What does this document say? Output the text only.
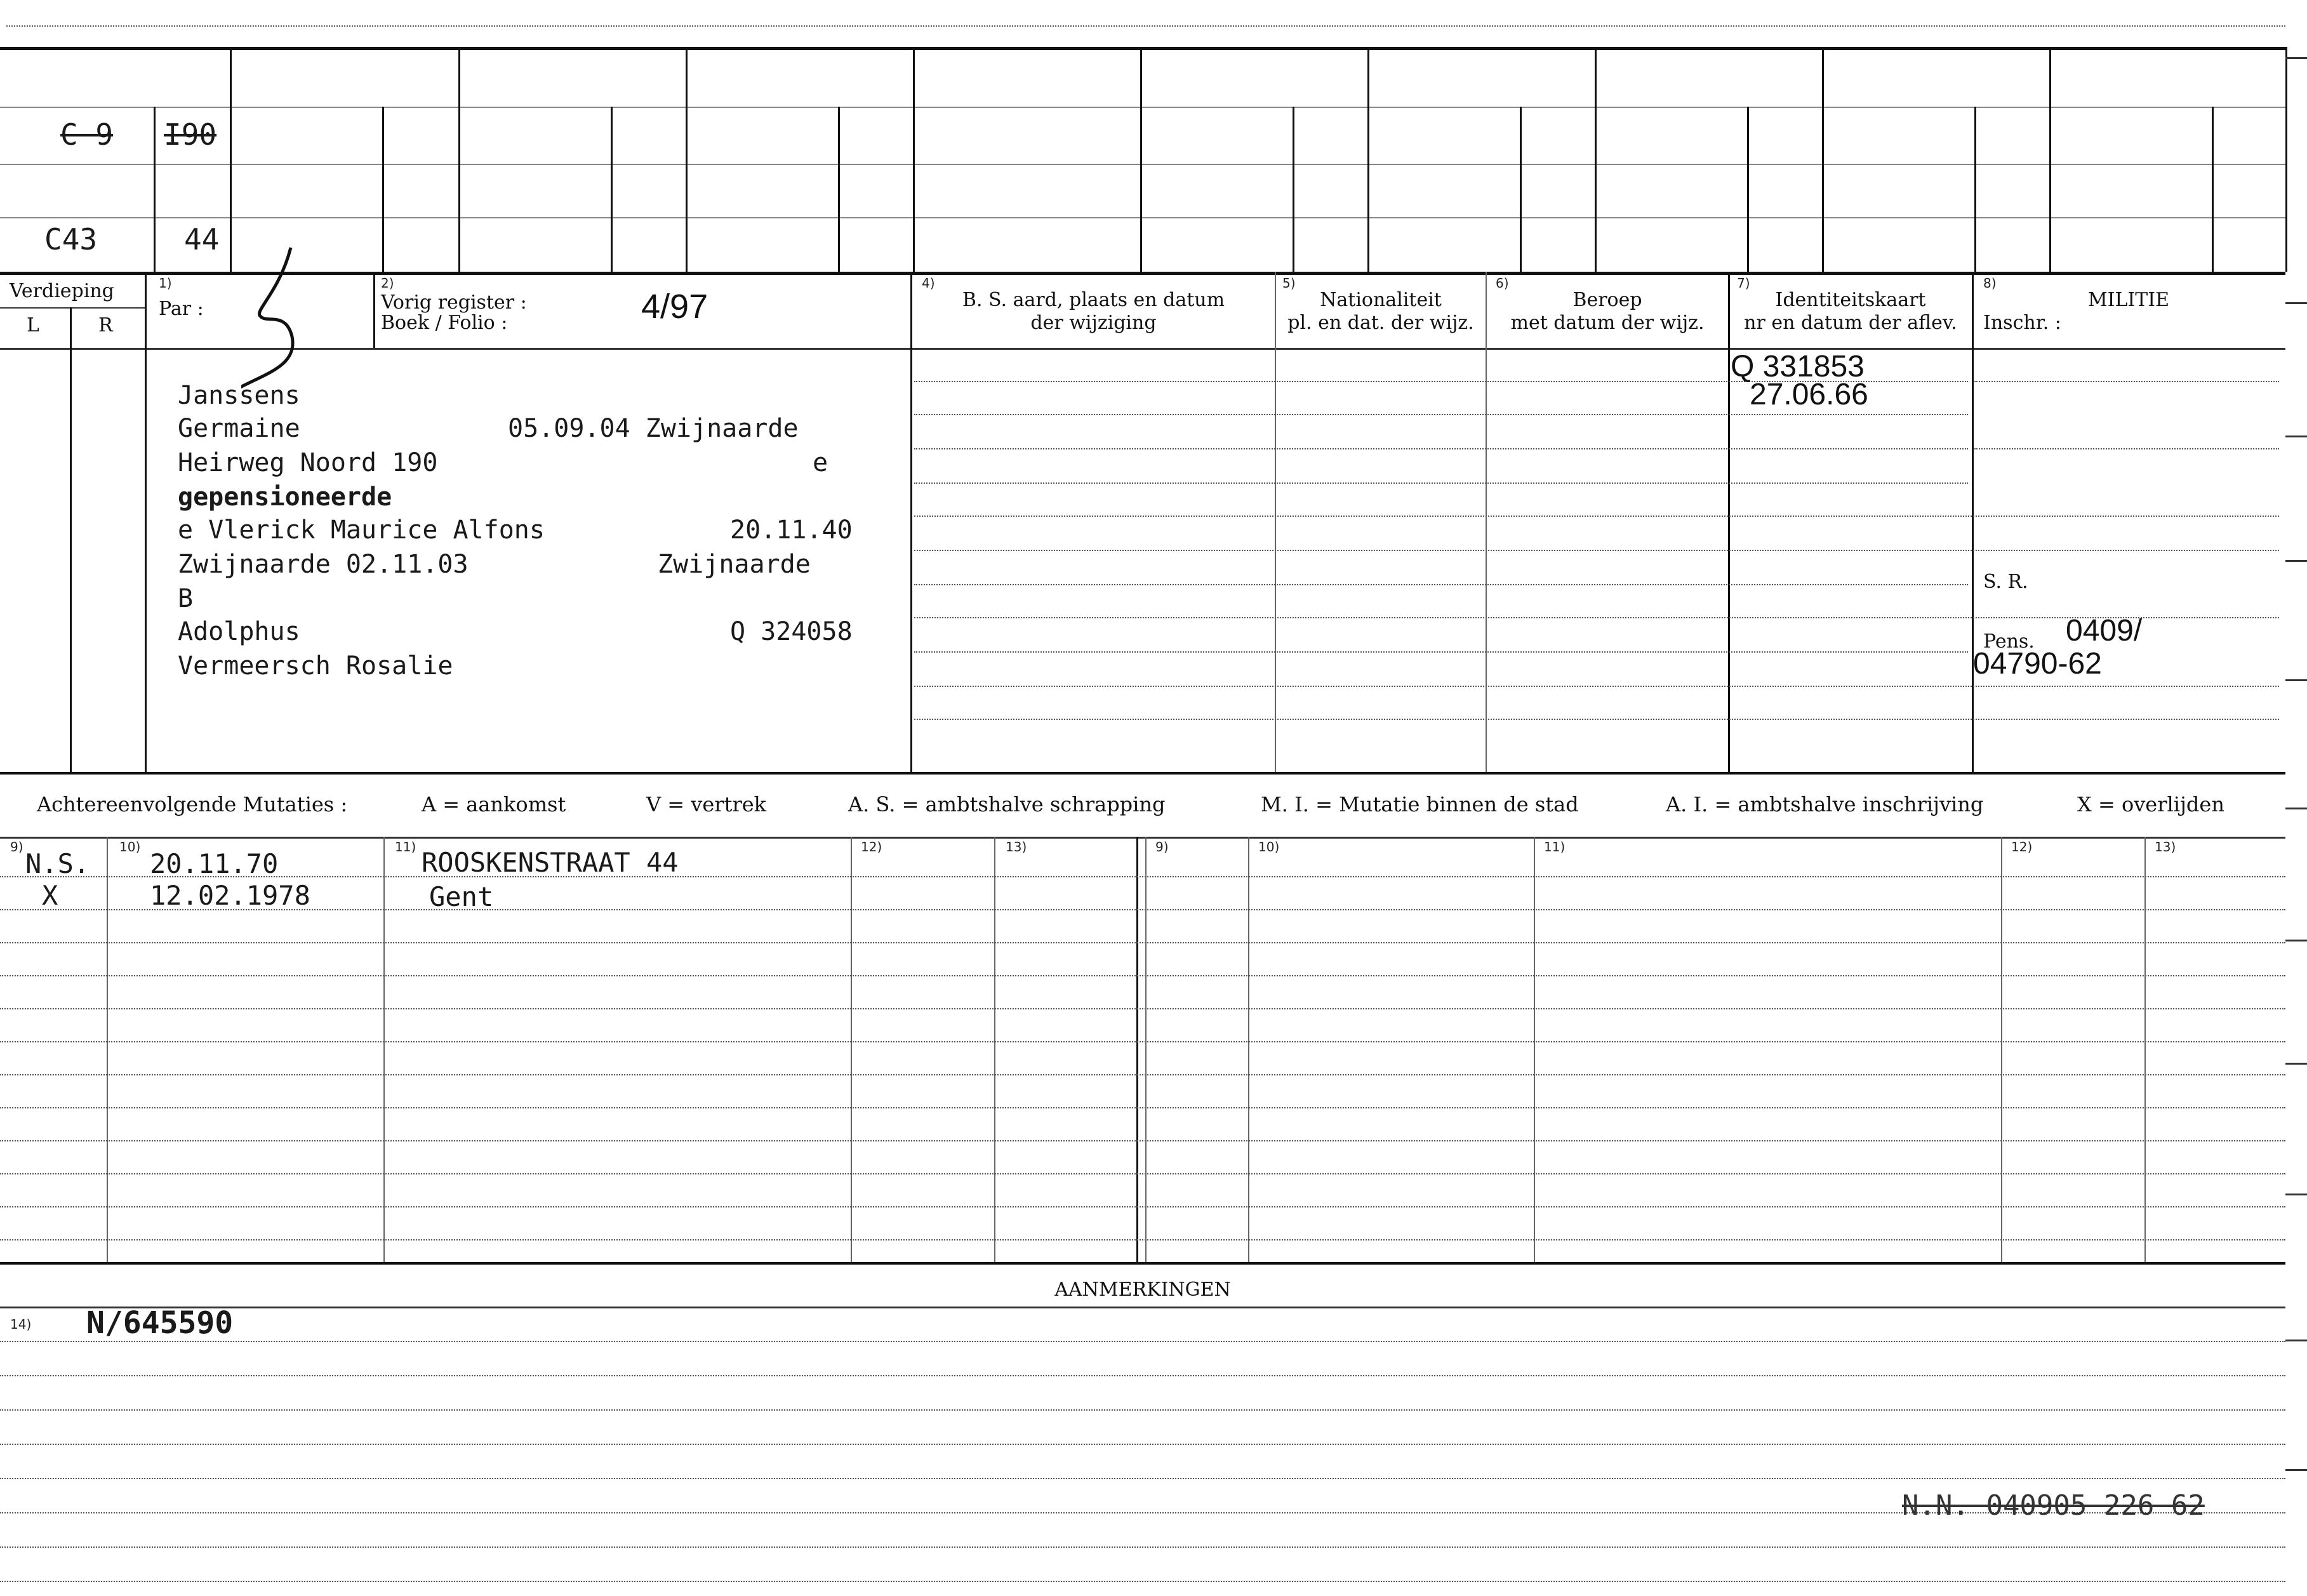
C 9 I90
C43	44
Verdieping
L	R
1)
Par :
2)
Vorig register :
Boek / Folio :	4/97
4)
B. S. aard, plaats en datum
der wijziging
5)
Nationaliteit
pl. en dat. der wijz.
6)
Beroep
met datum der wijz.
7)
Identiteitskaart
nr en datum der aflev.
8)
MILITIE
Inschr. :
Janssens
Germaine	05.09.04 Zwijnaarde
Heirweg Noord 190	e
gepensioneerde
e Vlerick Maurice Alfons	20.11.40
Zwijnaarde 02.11.03	Zwijnaarde
B
Adolphus	Q 324058
Vermeersch Rosalie
Q 331853
27.06.66
S. R.
Pens. 0409/
04790-62
Achtereenvolgende Mutaties :	A = aankomst	V = vertrek	A. S. = ambtshalve schrapping	M. I. = Mutatie binnen de stad	A. I. = ambtshalve inschrijving	X = overlijden
9)	10)	11)	12)	13)	9)	10)	11)	12)	13)
N.S. 20.11.70	ROOSKENSTRAAT 44
X	12.02.1978	Gent
AANMERKINGEN
14) N/645590
N.N. 040905 226 62
